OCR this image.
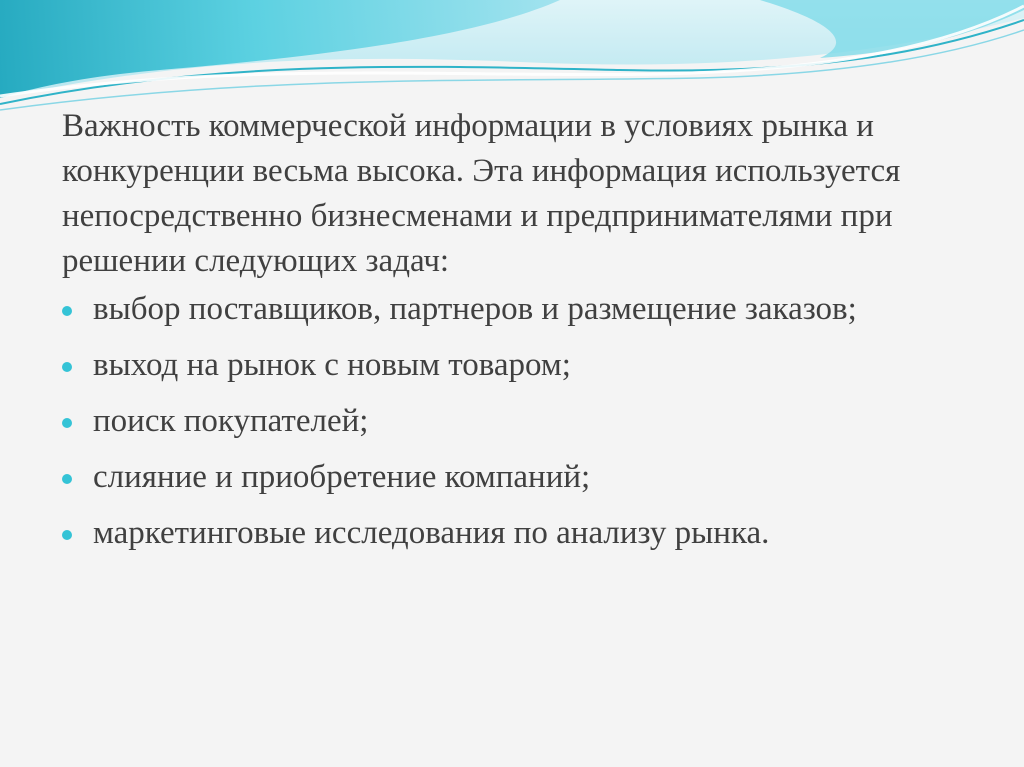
Важность коммерческой информации в условиях рынка и конкуренции весьма высока. Эта информация используется непосредственно бизнесменами и предпринимателями при решении следующих задач:

выбор поставщиков, партнеров и размещение заказов;
выход на рынок с новым товаром;
поиск покупателей;
слияние и приобретение компаний;
маркетинговые исследования по анализу рынка.
